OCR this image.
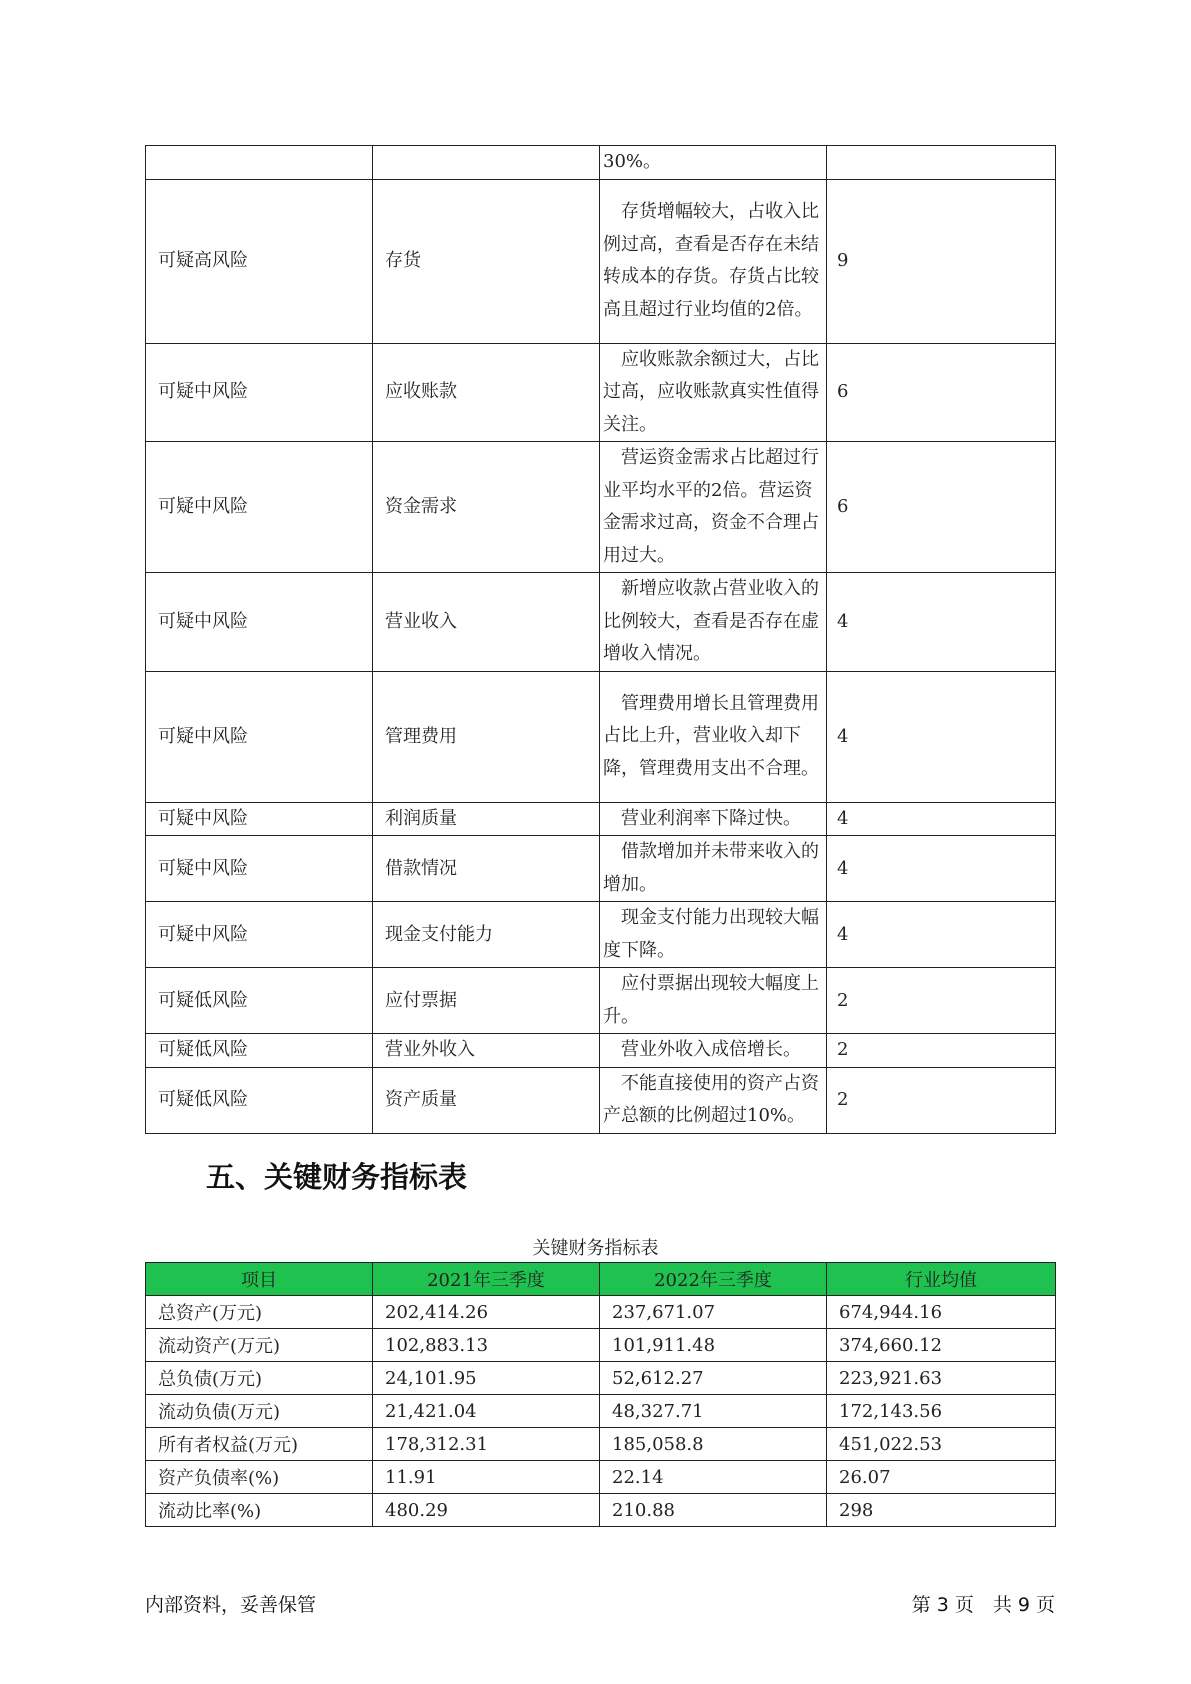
		30%。	
可疑高风险	存货	　存货增幅较大，占收入比例过高，查看是否存在未结转成本的存货。存货占比较高且超过行业均值的2倍。	9
可疑中风险	应收账款	　应收账款余额过大，占比过高，应收账款真实性值得关注。	6
可疑中风险	资金需求	　营运资金需求占比超过行业平均水平的2倍。营运资金需求过高，资金不合理占用过大。	6
可疑中风险	营业收入	　新增应收款占营业收入的比例较大，查看是否存在虚增收入情况。	4
可疑中风险	管理费用	　管理费用增长且管理费用占比上升，营业收入却下降，管理费用支出不合理。	4
可疑中风险	利润质量	　营业利润率下降过快。	4
可疑中风险	借款情况	　借款增加并未带来收入的增加。	4
可疑中风险	现金支付能力	　现金支付能力出现较大幅度下降。	4
可疑低风险	应付票据	　应付票据出现较大幅度上升。	2
可疑低风险	营业外收入	　营业外收入成倍增长。	2
可疑低风险	资产质量	　不能直接使用的资产占资产总额的比例超过10%。	2
五、关键财务指标表
关键财务指标表
项目	2021年三季度	2022年三季度	行业均值
总资产(万元)	202,414.26	237,671.07	674,944.16
流动资产(万元)	102,883.13	101,911.48	374,660.12
总负债(万元)	24,101.95	52,612.27	223,921.63
流动负债(万元)	21,421.04	48,327.71	172,143.56
所有者权益(万元)	178,312.31	185,058.8	451,022.53
资产负债率(%)	11.91	22.14	26.07
流动比率(%)	480.29	210.88	298
内部资料，妥善保管	第 3 页　共 9 页
